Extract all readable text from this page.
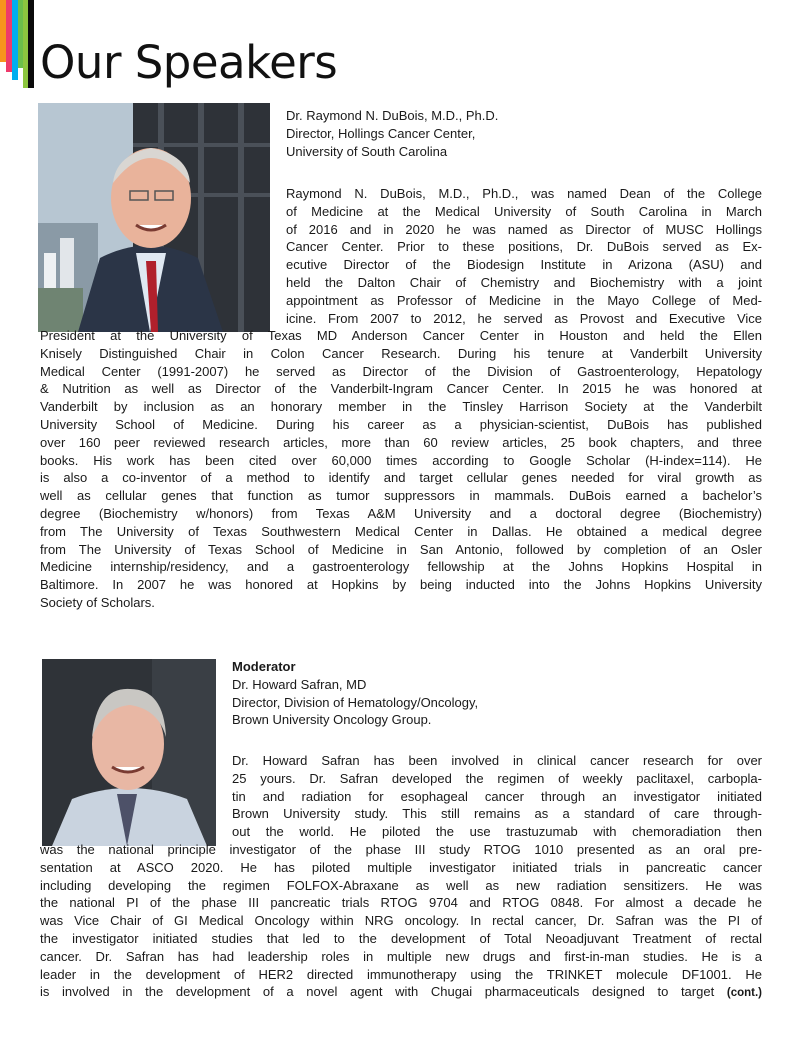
Our Speakers
Dr. Raymond N. DuBois, M.D., Ph.D.
Director, Hollings Cancer Center,
University of South Carolina
Raymond N. DuBois, M.D., Ph.D., was named Dean of the College
of Medicine at the Medical University of South Carolina in March
of 2016 and in 2020 he was named as Director of MUSC Hollings
Cancer Center. Prior to these positions, Dr. DuBois served as Ex-
ecutive Director of the Biodesign Institute in Arizona (ASU) and
held the Dalton Chair of Chemistry and Biochemistry with a joint
appointment as Professor of Medicine in the Mayo College of Med-
icine. From 2007 to 2012, he served as Provost and Executive Vice
President at the University of Texas MD Anderson Cancer Center in Houston and held the Ellen
Knisely Distinguished Chair in Colon Cancer Research. During his tenure at Vanderbilt University
Medical Center (1991-2007) he served as Director of the Division of Gastroenterology, Hepatology
& Nutrition as well as Director of the Vanderbilt-Ingram Cancer Center. In 2015 he was honored at
Vanderbilt by inclusion as an honorary member in the Tinsley Harrison Society at the Vanderbilt
University School of Medicine. During his career as a physician-scientist, DuBois has published
over 160 peer reviewed research articles, more than 60 review articles, 25 book chapters, and three
books. His work has been cited over 60,000 times according to Google Scholar (H-index=114). He
is also a co-inventor of a method to identify and target cellular genes needed for viral growth as
well as cellular genes that function as tumor suppressors in mammals. DuBois earned a bachelor’s
degree (Biochemistry w/honors) from Texas A&M University and a doctoral degree (Biochemistry)
from The University of Texas Southwestern Medical Center in Dallas. He obtained a medical degree
from The University of Texas School of Medicine in San Antonio, followed by completion of an Osler
Medicine internship/residency, and a gastroenterology fellowship at the Johns Hopkins Hospital in
Baltimore. In 2007 he was honored at Hopkins by being inducted into the Johns Hopkins University
Society of Scholars.
Moderator
Dr. Howard Safran, MD
Director, Division of Hematology/Oncology,
Brown University Oncology Group.
Dr. Howard Safran has been involved in clinical cancer research for over
25 yours. Dr. Safran developed the regimen of weekly paclitaxel, carbopla-
tin and radiation for esophageal cancer through an investigator initiated
Brown University study. This still remains as a standard of care through-
out the world. He piloted the use trastuzumab with chemoradiation then
was the national principle investigator of the phase III study RTOG 1010 presented as an oral pre-
sentation at ASCO 2020. He has piloted multiple investigator initiated trials in pancreatic cancer
including developing the regimen FOLFOX-Abraxane as well as new radiation sensitizers. He was
the national PI of the phase III pancreatic trials RTOG 9704 and RTOG 0848. For almost a decade he
was Vice Chair of GI Medical Oncology within NRG oncology. In rectal cancer, Dr. Safran was the PI of
the investigator initiated studies that led to the development of Total Neoadjuvant Treatment of rectal
cancer. Dr. Safran has had leadership roles in multiple new drugs and first-in-man studies. He is a
leader in the development of HER2 directed immunotherapy using the TRINKET molecule DF1001. He
is involved in the development of a novel agent with Chugai pharmaceuticals designed to target (cont.)
